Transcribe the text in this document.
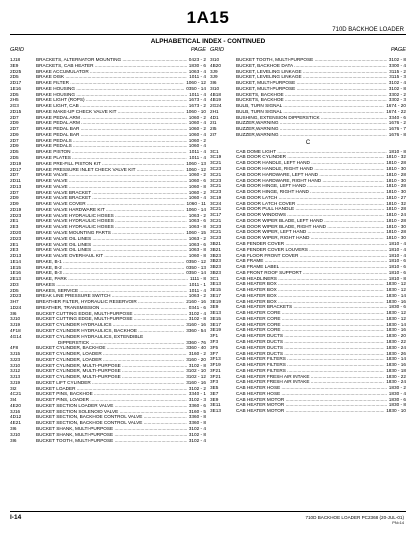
1A15
710D BACKHOE LOADER
ALPHABETICAL INDEX - CONTINUED
GRID	PAGE
1J18	BRACKETS, ALTERNATOR MOUNTING .....	0423 - 2
3E9	BRACKETS, CAB HEATER .....	1830 - 6
2D25	BRAKE ACCUMULATOR .....	1063 - 4
2D5	BRAKE DISK .....	1011 - 4
2D17	BRAKE FILTER .....	1060 - 12
1E16	BRAKE HOUSING .....	0350 - 14
2D5	BRAKE HOUSING .....	1011 - 4
2H5	BRAKE LIGHT (ROPS) .....	1673 - 4
2G3	BRAKE LIGHT, CAB .....	1673 - 2
2D15	BRAKE MAKE-UP CHECK VALVE KIT .....	1060 - 10
2D7	BRAKE PEDAL ARM .....	1060 - 2
2D9	BRAKE PEDAL ARM .....	1060 - 4
2D7	BRAKE PEDAL BAR .....	1060 - 2
2D9	BRAKE PEDAL BAR .....	1060 - 4
2D7	BRAKE PEDALS .....	1060 - 2
2D9	BRAKE PEDALS .....	1060 - 4
2D5	BRAKE PISTON .....	1011 - 4
2D5	BRAKE PLATES .....	1011 - 4
2D19	BRAKE PRE-FILL PISTON KIT .....	1060 - 13
2D17	BRAKE PRESSURE INLET CHECK VALVE KIT .....	1060 - 12
2D7	BRAKE VALVE .....	1060 - 2
2D11	BRAKE VALVE .....	1060 - 6
2D13	BRAKE VALVE .....	1060 - 8
2D7	BRAKE VALVE BRACKET .....	1060 - 2
2D9	BRAKE VALVE BRACKET .....	1060 - 4
2D9	BRAKE VALVE COVER .....	1060 - 11
2D19	BRAKE VALVE HARDWARE KIT .....	1060 - 14
2D23	BRAKE VALVE HYDRAULIC HOSES .....	1063 - 2
2E1	BRAKE VALVE HYDRAULIC HOSES .....	1063 - 6
2E3	BRAKE VALVE HYDRAULIC HOSES .....	1063 - 8
2D20	BRAKE VALVE MOUNTING PARTS .....	1060 - 15
2D23	BRAKE VALVE OIL LINES .....	1063 - 2
2E1	BRAKE VALVE OIL LINES .....	1063 - 6
2E3	BRAKE VALVE OIL LINES .....	1063 - 8
2D13	BRAKE VALVE OVERHAUL KIT .....	1060 - 8
1E14	BRAKE, B-1 .....	0350 - 12
1E15	BRAKE, B-2 .....	0350 - 13
1E16	BRAKE, B-3 .....	0350 - 14
2E13	BRAKE, PARK .....	1111 - 8
2D3	BRAKES .....	1011 - 1
2D5	BRAKES, SERVICE .....	1011 - 4
2D23	BREAK LINE PRESSURE SWITCH .....	1063 - 2
3H7	BREATHER FILTER, HYDRAULIC RESERVOIR .....	2160 - 16
1D24	BREATHER, TRANSMISSION .....	0341 - 6
3I6	BUCKET CUTTING EDGE, MULTI-PURPOSE .....	3102 - 4
3J10	BUCKET CUTTING EDGE, MULTI-PURPOSE .....	3102 - 8
3J19	BUCKET CYLINDER HYDRAULICS .....	3160 - 16
4F18	BUCKET CYLINDER HYDRAULICS, BACKHOE .....	3360 - 54
4G14	BUCKET CYLINDER HYDRAULICS, EXTENDIBLE
DIPPERSTICK .....	3360 - 76
4F8	BUCKET CYLINDER, BACKHOE .....	3360 - 40
3J15	BUCKET CYLINDER, LOADER .....	3160 - 2
3J23	BUCKET CYLINDER, LOADER .....	3160 - 20
3J10	BUCKET CYLINDER, MULTI-PURPOSE .....	3102 - 8
3J12	BUCKET CYLINDER, MULTI-PURPOSE .....	3102 - 10
3J13	BUCKET CYLINDER, MULTI-PURPOSE .....	3102 - 12
3J19	BUCKET LIFT CYLINDER .....	3160 - 16
3I2	BUCKET LOADER .....	3102 - 2
4C21	BUCKET PINS, BACKHOE .....	3340 - 1
3I4	BUCKET PINS, LOADER .....	3102 - 3
4E20	BUCKET SECTION LOADER VALVE .....	3360 - 6
3J16	BUCKET SECTION SOLENOID VALVE .....	3160 - 5
4D12	BUCKET SECTION, BACKHOE CONTROL VALVE .....	3360 - 8
4E21	BUCKET SECTION, BACKHOE CONTROL VALVE .....	3360 - 8
3I6	BUCKET SHANK, MULTI-PURPOSE .....	3102 - 4
3J10	BUCKET SHANK, MULTI-PURPOSE .....	3102 - 8
3I6	BUCKET TOOTH, MULTI-PURPOSE .....	3102 - 4
GRID	PAGE
3I10	BUCKET TOOTH, MULTI-PURPOSE .....	3102 - 8
4B20	BUCKET, BACKHOE DATA .....	3300 - 4
3J9	BUCKET, LEVELING LINKAGE .....	3115 - 2
3J9	BUCKET, LEVELING LINKAGE .....	3115 - 3
3I6	BUCKET, MULTI-PURPOSE .....	3102 - 4
3I10	BUCKET, MULTI-PURPOSE .....	3102 - 8
4B18	BUCKETS, BACKHOE .....	3302 - 2
4B19	BUCKETS, BACKHOE .....	3302 - 3
2G24	BULB, TURN SIGNAL .....	1674 - 20
2H1	BULB, TURN SIGNAL .....	1674 - 22
4D1	BUSHING, EXTENSION DIPPERSTICK .....	3340 - 6
2I1	BUZZER,WARNING .....	1676 - 2
2I5	BUZZER,WARNING .....	1676 - 7
2I7	BUZZER,WARNING .....	1676 - 8
C
3C1	CAB DOME LIGHT .....	1810 - 8
3C19	CAB DOOR CYLINDER .....	1810 - 32
3C21	CAB DOOR HANDLE, LEFT HAND .....	1810 - 28
3C23	CAB DOOR HANDLE, RIGHT HAND .....	1810 - 30
3C21	CAB DOOR HARDWARE, LEFT HAND .....	1810 - 28
3C23	CAB DOOR HARDWARE, RIGHT HAND .....	1810 - 30
3C21	CAB DOOR HINGE, LEFT HAND .....	1810 - 28
3C23	CAB DOOR HINGE, RIGHT HAND .....	1810 - 30
3C19	CAB DOOR LATCH .....	1810 - 27
3C24	CAB DOOR LATCH COVER .....	1810 - 32
3C21	CAB DOOR PULL HANDLE .....	1810 - 28
3C17	CAB DOOR WINDOWS .....	1810 - 24
3C21	CAB DOOR WIPER BLADE, LEFT HAND .....	1810 - 28
3C23	CAB DOOR WIPER BLADE, RIGHT HAND .....	1810 - 30
3C21	CAB DOOR WIPER, LEFT HAND .....	1810 - 28
3C23	CAB DOOR WIPER, RIGHT HAND .....	1810 - 30
3B21	CAB FENDER COVER .....	1810 - 4
3B21	CAB FENDER COVER LOUVERS .....	1810 - 4
3B23	CAB FLOOR FRONT COVER .....	1810 - 4
3B23	CAB FRAME .....	1810 - 6
3B23	CAB FRAME LABEL .....	1810 - 6
3B23	CAB FRONT ROOF SUPPORT .....	1810 - 6
3C1	CAB HEADLINERS .....	1810 - 8
3E13	CAB HEATER BOX .....	1830 - 12
3E15	CAB HEATER BOX .....	1830 - 12
3E17	CAB HEATER BOX .....	1830 - 14
3E19	CAB HEATER BOX .....	1830 - 16
3E9	CAB HEATER BRACKETS .....	1830 - 6
3E13	CAB HEATER CORE .....	1830 - 12
3E15	CAB HEATER CORE .....	1830 - 12
3E17	CAB HEATER CORE .....	1830 - 14
3E19	CAB HEATER CORE .....	1830 - 16
3F1	CAB HEATER DUCTS .....	1830 - 20
3F3	CAB HEATER DUCTS .....	1830 - 22
3F5	CAB HEATER DUCTS .....	1830 - 24
3F7	CAB HEATER DUCTS .....	1830 - 26
3F13	CAB HEATER FILTERS .....	1830 - 14
3F19	CAB HEATER FILTERS .....	1830 - 16
3F21	CAB HEATER FILTERS .....	1830 - 18
3F21	CAB HEATER FRESH AIR INTAKE .....	1830 - 22
3F3	CAB HEATER FRESH AIR INTAKE .....	1830 - 24
3E5	CAB HEATER HOSE .....	1830 - 2
3E7	CAB HEATER HOSE .....	1830 - 4
3E9	CAB HEATER MOTOR .....	1830 - 6
3E11	CAB HEATER MOTOR .....	1830 - 8
3E13	CAB HEATER MOTOR .....	1830 - 10
I-14	710D BACKHOE LOADER PC2368 (20-JUL-01)
PN=14
